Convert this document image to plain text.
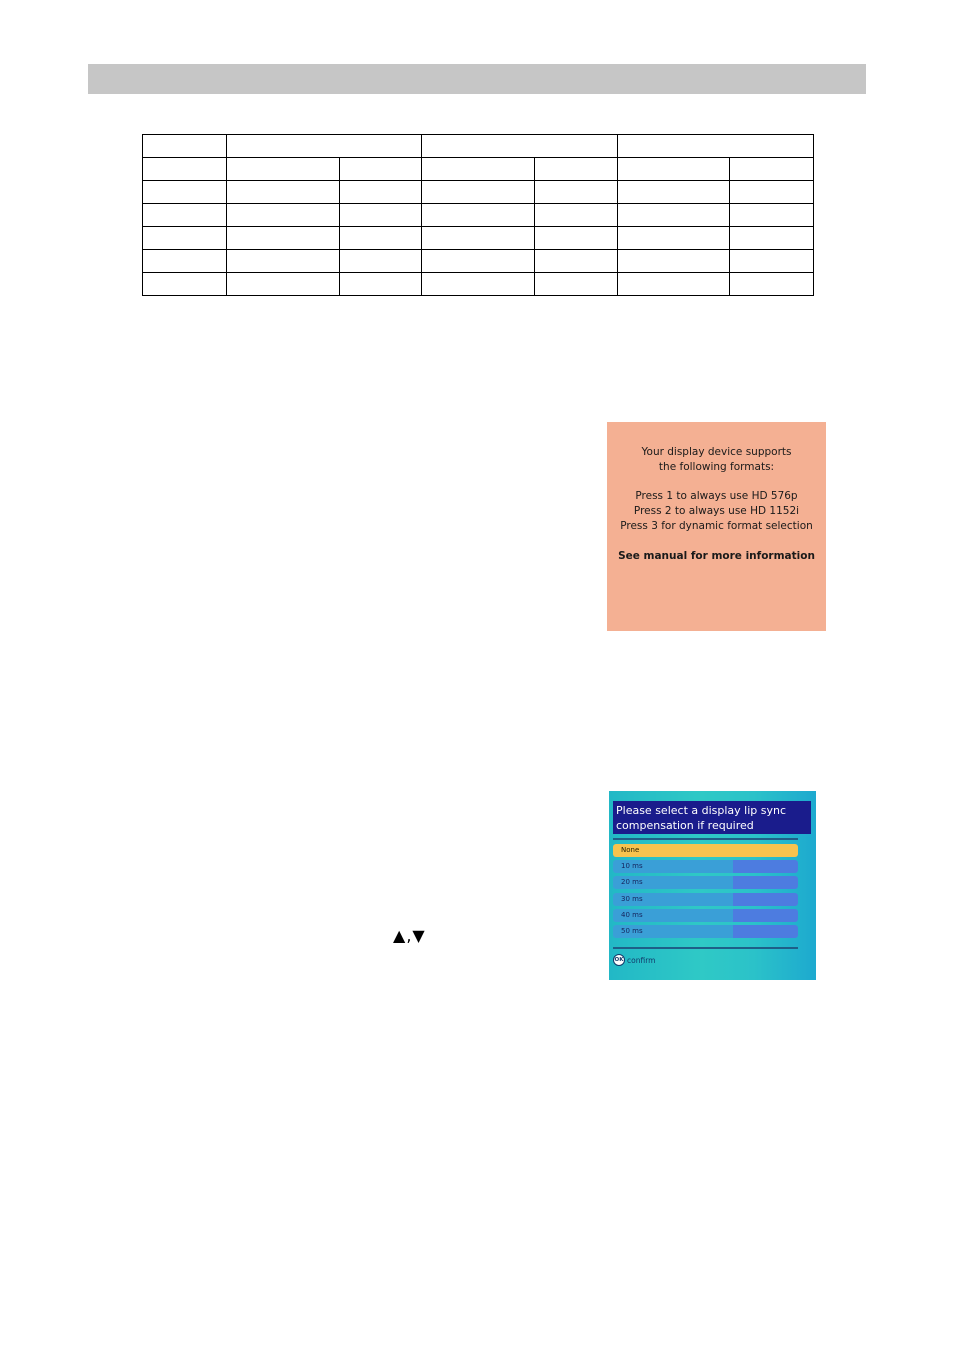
Your display device supports
the following formats:
Press 1 to always use HD 576p
Press 2 to always use HD 1152i
Press 3 for dynamic format selection
See manual for more information
▲,▼
Please select a display lip sync compensation if required
None
10 ms
20 ms
30 ms
40 ms
50 ms
OK confirm
